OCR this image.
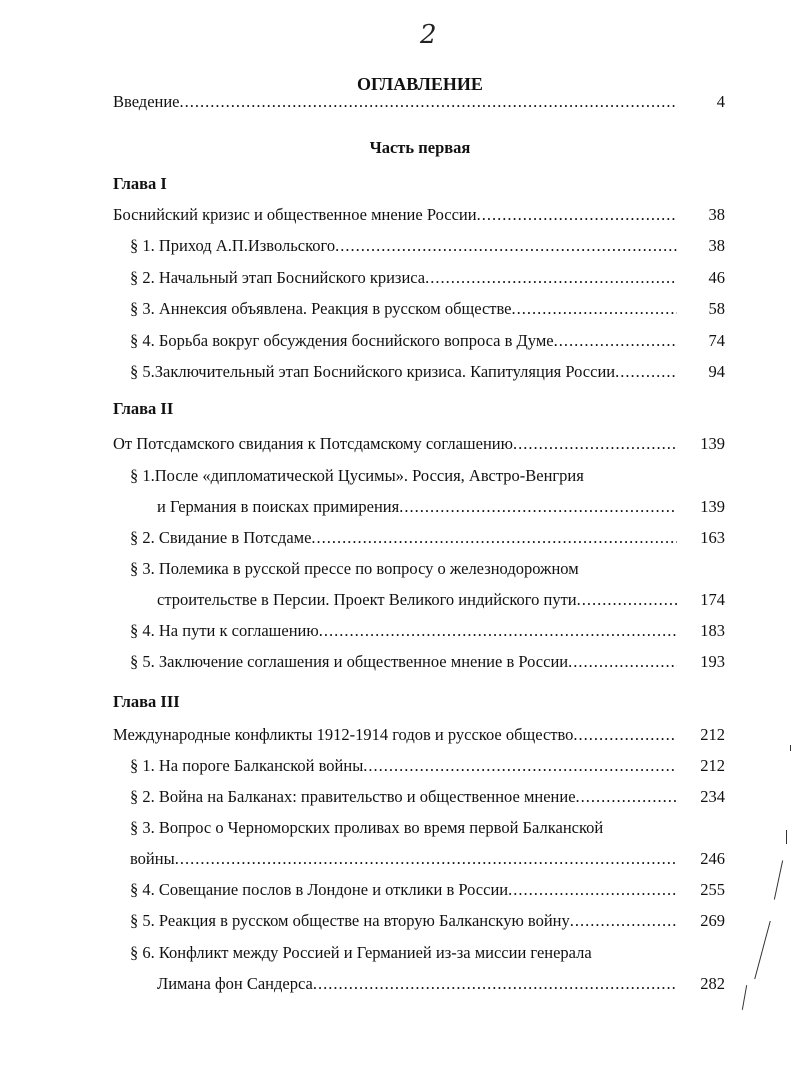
2
ОГЛАВЛЕНИЕ
Введение .....	4
Часть первая
Глава I
Боснийский кризис и общественное мнение России .....	38
§ 1. Приход А.П.Извольского .....	38
§ 2. Начальный этап Боснийского кризиса .....	46
§ 3. Аннексия объявлена. Реакция в русском обществе .....	58
§ 4. Борьба вокруг обсуждения боснийского вопроса в Думе .....	74
§ 5.Заключительный этап Боснийского кризиса. Капитуляция России .....	94
Глава II
От Потсдамского свидания к Потсдамскому соглашению .....	139
§ 1.После «дипломатической Цусимы». Россия, Австро-Венгрия
и Германия в поисках примирения .....	139
§ 2. Свидание в Потсдаме .....	163
§ 3. Полемика в русской прессе по вопросу о железнодорожном
строительстве в Персии. Проект Великого индийского пути .....	174
§ 4. На пути к соглашению .....	183
§ 5. Заключение соглашения и общественное мнение в России .....	193
Глава III
Международные конфликты 1912-1914 годов и русское общество .....	212
§ 1. На пороге Балканской войны .....	212
§ 2. Война на Балканах: правительство и общественное мнение .....	234
§ 3. Вопрос о Черноморских проливах во время первой Балканской
войны .....	246
§ 4. Совещание послов в Лондоне и отклики в России .....	255
§ 5. Реакция в русском обществе на вторую Балканскую войну .....	269
§ 6. Конфликт между Россией и Германией из-за миссии генерала
Лимана фон Сандерса .....	282
